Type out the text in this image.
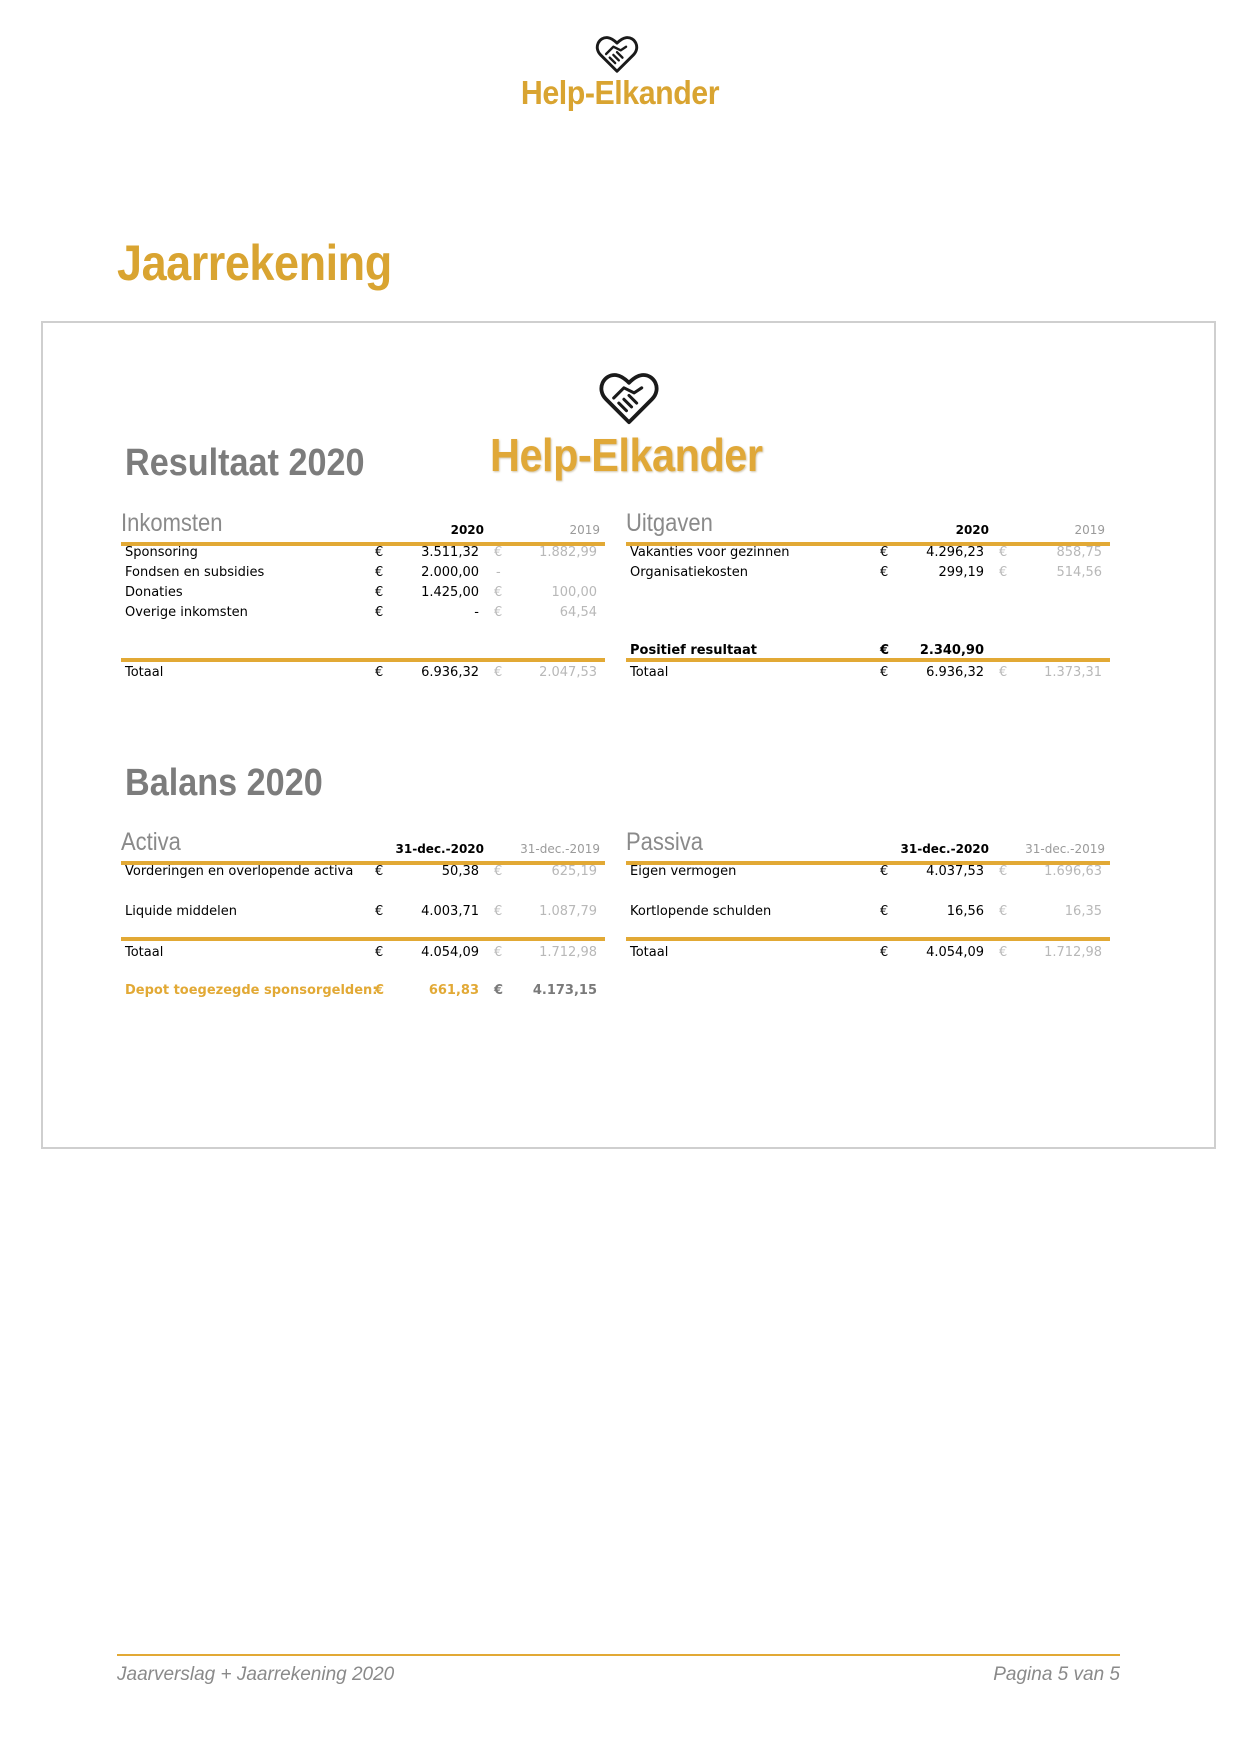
Help-Elkander
Jaarrekening
Help-Elkander
Resultaat 2020
Inkomsten	2020	2019
Sponsoring	€	3.511,32 €	1.882,99
Fondsen en subsidies	€	2.000,00 -
Donaties	€	1.425,00 €	100,00
Overige inkomsten	€	- €	64,54
Totaal	€	6.936,32 €	2.047,53
Uitgaven	2020	2019
Vakanties voor gezinnen	€	4.296,23 €	858,75
Organisatiekosten	€	299,19 €	514,56
Positief resultaat	€	2.340,90
Totaal	€	6.936,32 €	1.373,31
Balans 2020
Activa	31-dec.-2020	31-dec.-2019
Vorderingen en overlopende activa €	50,38 €	625,19
Liquide middelen	€	4.003,71 €	1.087,79
Totaal	€	4.054,09 €	1.712,98
Depot toegezegde sponsorgelden:
€	661,83 €	4.173,15
Passiva	31-dec.-2020	31-dec.-2019
Eigen vermogen	€	4.037,53 €	1.696,63
Kortlopende schulden	€	16,56 €	16,35
Totaal	€	4.054,09 €	1.712,98
Jaarverslag + Jaarrekening 2020	Pagina 5 van 5
